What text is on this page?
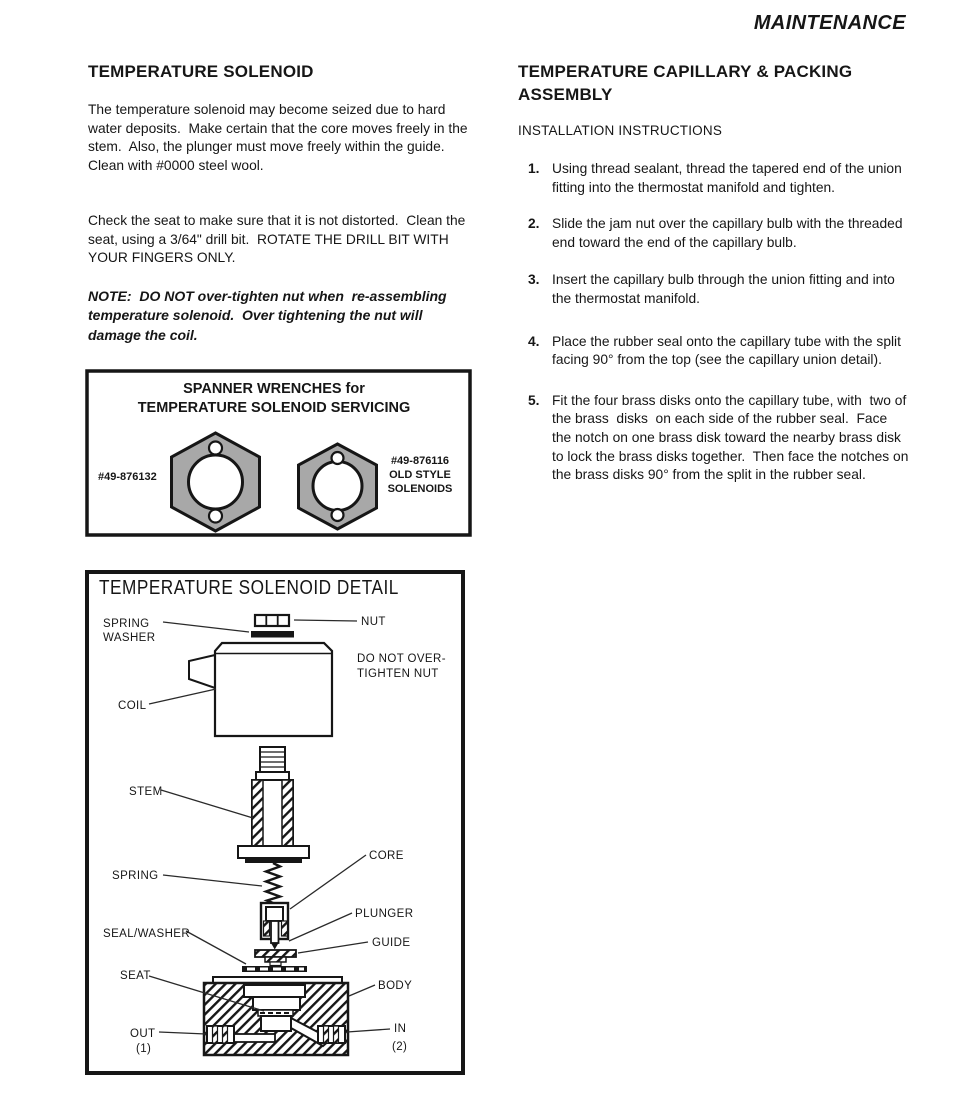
MAINTENANCE
TEMPERATURE SOLENOID
The temperature solenoid may become seized due to hard water deposits.  Make certain that the core moves freely in the stem.  Also, the plunger must move freely within the guide.  Clean with #0000 steel wool.
Check the seat to make sure that it is not distorted.  Clean the seat, using a 3/64" drill bit.  ROTATE THE DRILL BIT WITH YOUR FINGERS ONLY.
NOTE:  DO NOT over-tighten nut when  re-assembling temperature solenoid.  Over tightening the nut will damage the coil.
SPANNER WRENCHES for
TEMPERATURE SOLENOID SERVICING
#49-876132
#49-876116
OLD STYLE
SOLENOIDS
TEMPERATURE SOLENOID DETAIL
SPRING
WASHER
NUT
DO NOT OVER-
TIGHTEN NUT
COIL
STEM
SPRING
CORE
PLUNGER
SEAL/WASHER
GUIDE
SEAT
BODY
OUT
(1)
IN
(2)
TEMPERATURE CAPILLARY & PACKING ASSEMBLY
INSTALLATION INSTRUCTIONS
1. Using thread sealant, thread the tapered end of the union fitting into the thermostat manifold and tighten.
2. Slide the jam nut over the capillary bulb with the threaded end toward the end of the capillary bulb.
3. Insert the capillary bulb through the union fitting and into the thermostat manifold.
4. Place the rubber seal onto the capillary tube with the split facing 90° from the top (see the capillary union detail).
5. Fit the four brass disks onto the capillary tube, with  two of  the brass  disks  on each side of the rubber seal.  Face the notch on one brass disk toward the nearby brass disk to lock the brass disks together.  Then face the notches on the brass disks 90° from the split in the rubber seal.
